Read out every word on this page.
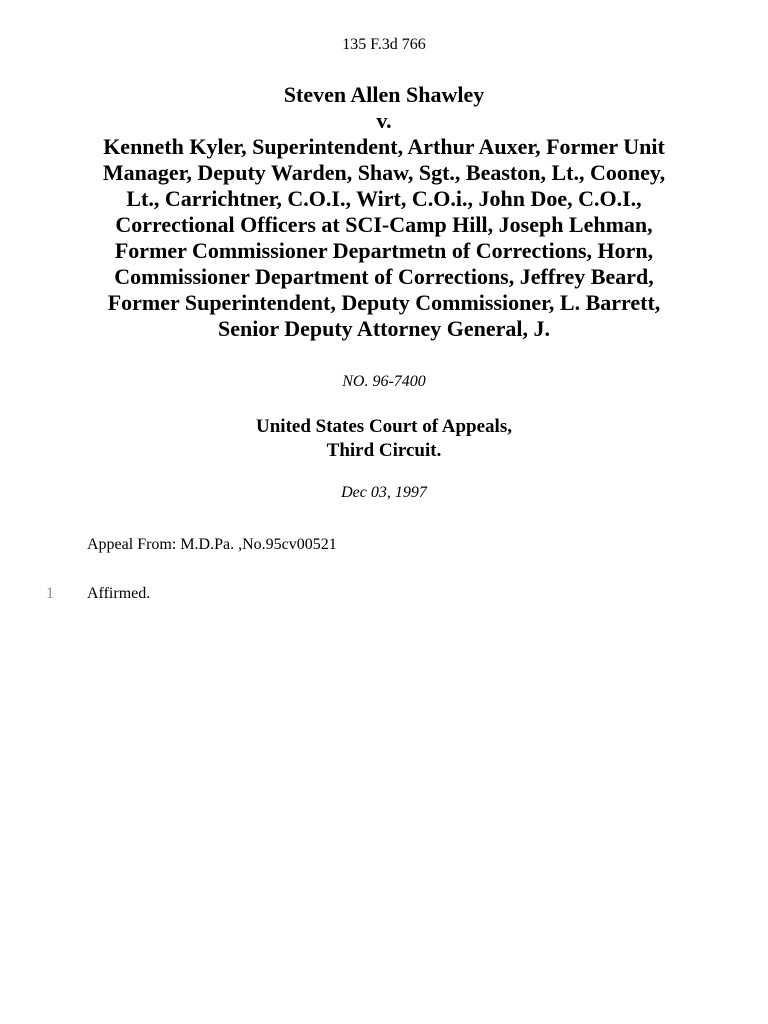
135 F.3d 766
Steven Allen Shawley
v.
Kenneth Kyler, Superintendent, Arthur Auxer, Former Unit
Manager, Deputy Warden, Shaw, Sgt., Beaston, Lt., Cooney,
Lt., Carrichtner, C.O.I., Wirt, C.O.i., John Doe, C.O.I.,
Correctional Officers at SCI-Camp Hill, Joseph Lehman,
Former Commissioner Departmetn of Corrections, Horn,
Commissioner Department of Corrections, Jeffrey Beard,
Former Superintendent, Deputy Commissioner, L. Barrett,
Senior Deputy Attorney General, J.
NO. 96-7400
United States Court of Appeals,
Third Circuit.
Dec 03, 1997
Appeal From: M.D.Pa. ,No.95cv00521
1 Affirmed.
